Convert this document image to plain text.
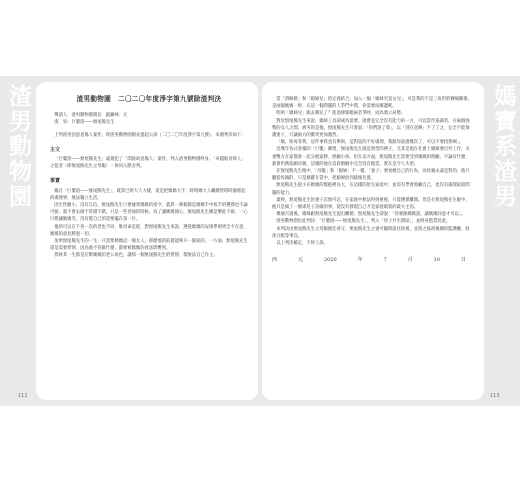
渣男動物園	媽寶系渣男
112	113
渣男動物園　二〇二〇年度淨字第九號除渣判決

聲請人：渣男動物園園長　凱蘿林．元

渣　男：巨嬰渣——無尾熊先生

上列渣男因惡意傷人案件，經渣男動物園園長提起公訴（二〇二〇年度淨字第九號），本園判決如下：

主文

「巨嬰渣——無尾熊先生」違規犯了「間接故意傷人」案件，判入渣男動物園終身。「卓越航母偉人」之犯者（即無尾熊先生之母親）一併同入獸舍判。

事實

緣自「巨嬰渣——無尾熊先生」，就算已經大人大樣，還是把媽媽大手、時時媽大人繼續替時時處理起的處理事，無法獨立生活。

因生性膽小，沒有自信，無尾熊先生只要碰到媽媽的指令，就算一萬個都是媽媽手中按手的選擇也不論可接，就不會去做不管錯不錯，只是一些普通的時候。為了讓媽媽開心，無尾熊先生總是樂此不疲，一心只想讓媽媽笑，沒有將自己的需要擺在第一位。

他的可以在下各一次的老也不同，唯母命是從，對無尾熊先生來說，遵從媽媽的安排準則到全不在意，媽媽的意見勝過一切。

加果無尾熊先生的一生，只需要媽媽這一個女人，那麼他的前提能夠只一個家的，一方面，無尾熊先生還是需要愛情，因為他不管做什麼，都要被媽媽的看法影響到。

我終其一生都是在幫媽媽的老公角色，讓那一個無尾熊先生的愛情，都無法自己作主。

當「溶解媽」和「媳婦兒」的定義結合，加入一個「媳婦究竟女兒」，可是我的不是三角形的賽場關係，是兩個媽媽一併，在這一個問題的人爭鬥中間，你需要站哪邊呢。

明明「媳婦兒」跟去哪兒了？進退擇婆媳兩者爭吵，成為鼎立局勢。

對於無尾熊先生來說，媳婦工具卻成為需要，就會是完全沒有能力的一方，可以當作協調者，在兩個強勢的女人之間，被夾的是他。無尾熊先生只會說：「你們說了算」，以「別在意啊」不了了之，完全不能保護妻子，只讓兩方的衝突更加激烈。

「媽，妳再等我，這件事我也有參與，這對話的不好處理，我跟你說過幾次了，可以不要找我啊」。

近幾年各式各樣的「巨嬰」漸增，無尾熊先生就是典型的例子，尤其是現在社會上媳婦要出外工作，夫妻雙方在家都會一起分擔家務、照顧小孩。但在這方面，無尾熊先生需要受到媽媽的照顧，不論有什麼，都會仍舊依賴母親，這樣的他在這段婚姻中完全沒有擔當，實在是令人失望。

在無尾熊先生眼中，「母親」和「媳婦」不一樣，「妻子」要看她自己的行為，而母親永遠是對的，他只聽從母親的，只是媽寶在當中，把媳婦放到最後位置。

無尾熊先生從小在媽媽的懷抱裡長大，在這樣的原生家庭中，並沒有學會照顧自己，也沒有處理家庭問題的能力。

最終，無尾熊先生的妻子忍無可忍，在家庭中無法得到重視，只能選擇離開。但是在無尾熊先生眼中，他只是做了一個乖兒子該做的事，從沒有發現自己才是家庭破裂的最大主因。

幾個月過後，媳婦跟無尾熊先生提出離婚，無尾熊先生卻說：「你要跟媽媽說，讓媽媽同意才可以」。

渣男動物園於此判決：「巨嬰渣——無尾熊先生」，判入「母子共生園區」，並終身監禁於此。

本判決由無尾熊先生之母親擔任看守，無尾熊先生之妻可隨時前往探視，並與之協商後續的監護權、財產分配等事宜。

以上判決確定，不得上訴。

西	元	2020	年	7	月	10	日
